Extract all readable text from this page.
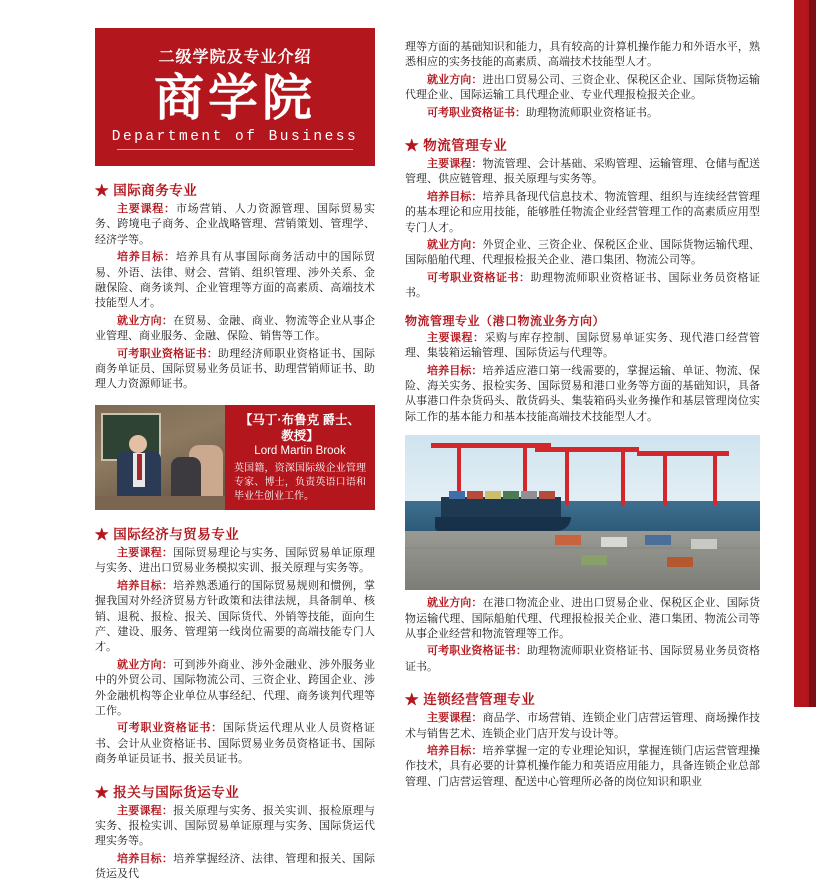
二级学院及专业介绍
商学院
Department of Business
★ 国际商务专业

主要课程：市场营销、人力资源管理、国际贸易实务、跨境电子商务、企业战略管理、营销策划、管理学、经济学等。

培养目标：培养具有从事国际商务活动中的国际贸易、外语、法律、财会、营销、组织管理、涉外关系、金融保险、商务谈判、企业管理等方面的高素质、高端技术技能型人才。

就业方向：在贸易、金融、商业、物流等企业从事企业管理、商业服务、金融、保险、销售等工作。

可考职业资格证书：助理经济师职业资格证书、国际商务单证员、国际贸易业务员证书、助理营销师证书、助理人力资源师证书。

【马丁·布鲁克 爵士、教授】
Lord Martin Brook
英国籍，资深国际级企业管理专家、博士，负责英语口语和毕业生创业工作。
★ 国际经济与贸易专业

主要课程：国际贸易理论与实务、国际贸易单证原理与实务、进出口贸易业务模拟实训、报关原理与实务等。

培养目标：培养熟悉通行的国际贸易规则和惯例，掌握我国对外经济贸易方针政策和法律法规，具备制单、核销、退税、报检、报关、国际货代、外销等技能，面向生产、建设、服务、管理第一线岗位需要的高端技能专门人才。

就业方向：可到涉外商业、涉外金融业、涉外服务业中的外贸公司、国际物流公司、三资企业、跨国企业、涉外金融机构等企业单位从事经纪、代理、商务谈判代理等工作。

可考职业资格证书：国际货运代理从业人员资格证书、会计从业资格证书、国际贸易业务员资格证书、国际商务单证员证书、报关员证书。

★ 报关与国际货运专业

主要课程：报关原理与实务、报关实训、报检原理与实务、报检实训、国际贸易单证原理与实务、国际货运代理实务等。

培养目标：培养掌握经济、法律、管理和报关、国际货运及代

理等方面的基础知识和能力，具有较高的计算机操作能力和外语水平，熟悉相应的实务技能的高素质、高端技术技能型人才。

就业方向：进出口贸易公司、三资企业、保税区企业、国际货物运输代理企业、国际运输工具代理企业、专业代理报检报关企业。

可考职业资格证书：助理物流师职业资格证书。

★ 物流管理专业

主要课程：物流管理、会计基础、采购管理、运输管理、仓储与配送管理、供应链管理、报关原理与实务等。

培养目标：培养具备现代信息技术、物流管理、组织与连续经营管理的基本理论和应用技能，能够胜任物流企业经营管理工作的高素质应用型专门人才。

就业方向：外贸企业、三资企业、保税区企业、国际货物运输代理、国际船舶代理、代理报检报关企业、港口集团、物流公司等。

可考职业资格证书：助理物流师职业资格证书、国际业务员资格证书。

物流管理专业（港口物流业务方向）

主要课程：采购与库存控制、国际贸易单证实务、现代港口经营管理、集装箱运输管理、国际货运与代理等。

培养目标：培养适应港口第一线需要的，掌握运输、单证、物流、保险、海关实务、报检实务、国际贸易和港口业务等方面的基础知识，具备从事港口件杂货码头、散货码头、集装箱码头业务操作和基层管理岗位实际工作的基本能力和基本技能高端技术技能型人才。

就业方向：在港口物流企业、进出口贸易企业、保税区企业、国际货物运输代理、国际船舶代理、代理报检报关企业、港口集团、物流公司等从事企业经营和物流管理等工作。

可考职业资格证书：助理物流师职业资格证书、国际贸易业务员资格证书。

★ 连锁经营管理专业

主要课程：商品学、市场营销、连锁企业门店营运管理、商场操作技术与销售艺术、连锁企业门店开发与设计等。

培养目标：培养掌握一定的专业理论知识，掌握连锁门店运营管理操作技术，具有必要的计算机操作能力和英语应用能力，具备连锁企业总部管理、门店营运管理、配送中心管理所必备的岗位知识和职业
